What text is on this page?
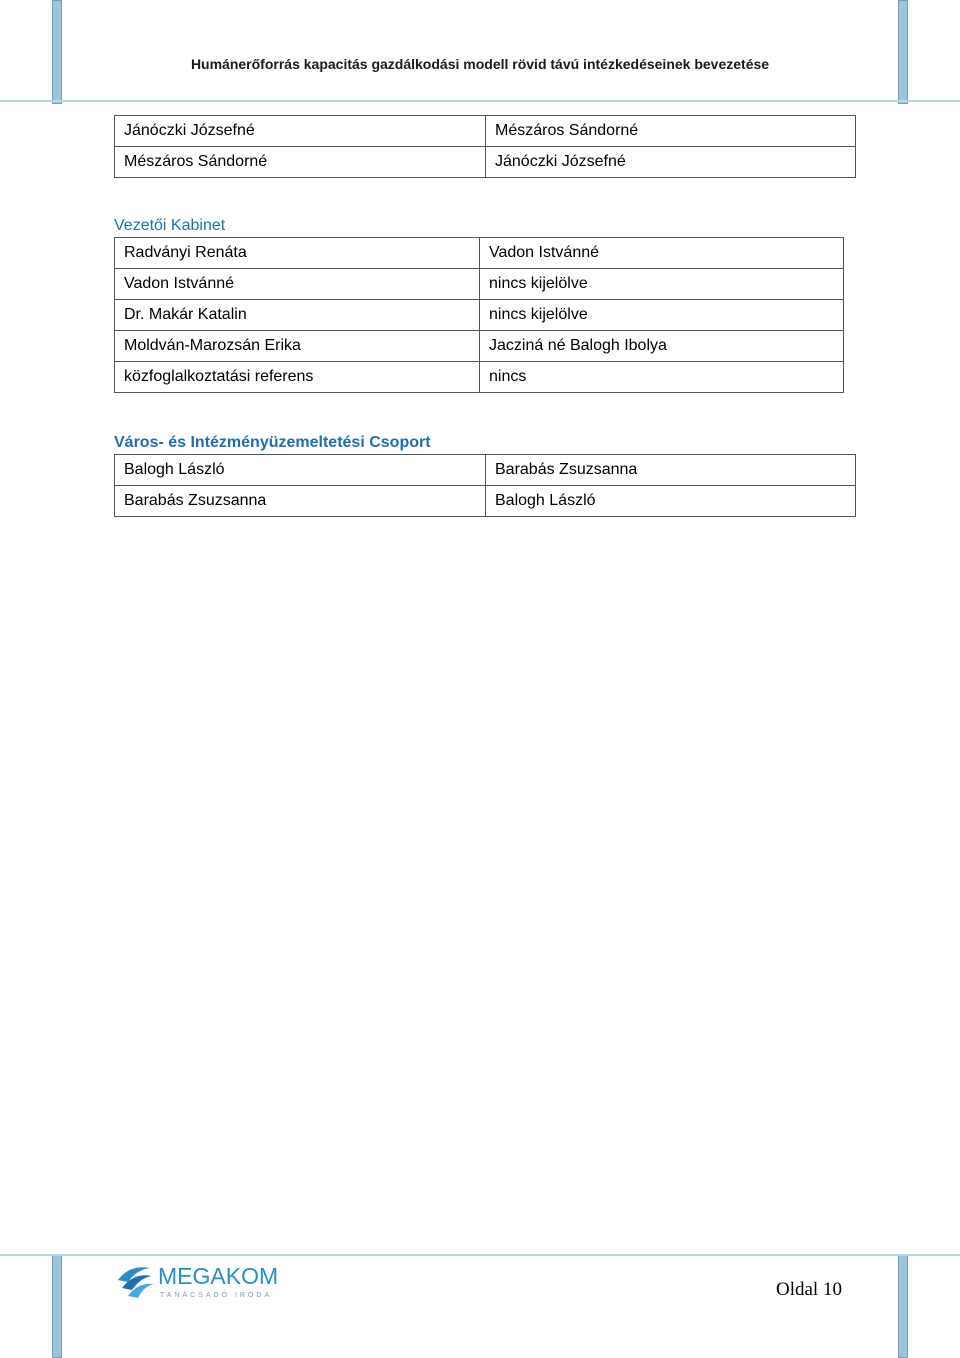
Humánerőforrás kapacitás gazdálkodási modell rövid távú intézkedéseinek bevezetése
Jánóczki Józsefné	Mészáros Sándorné
Mészáros Sándorné	Jánóczki Józsefné
Vezetői Kabinet
Radványi Renáta	Vadon Istvánné
Vadon Istvánné	nincs kijelölve
Dr. Makár Katalin	nincs kijelölve
Moldván-Marozsán Erika	Jacziná né Balogh Ibolya
közfoglalkoztatási referens	nincs
Város- és Intézményüzemeltetési Csoport
Balogh László	Barabás Zsuzsanna
Barabás Zsuzsanna	Balogh László
MEGAKOM
TANÁCSADÓ IRODA	Oldal 10
